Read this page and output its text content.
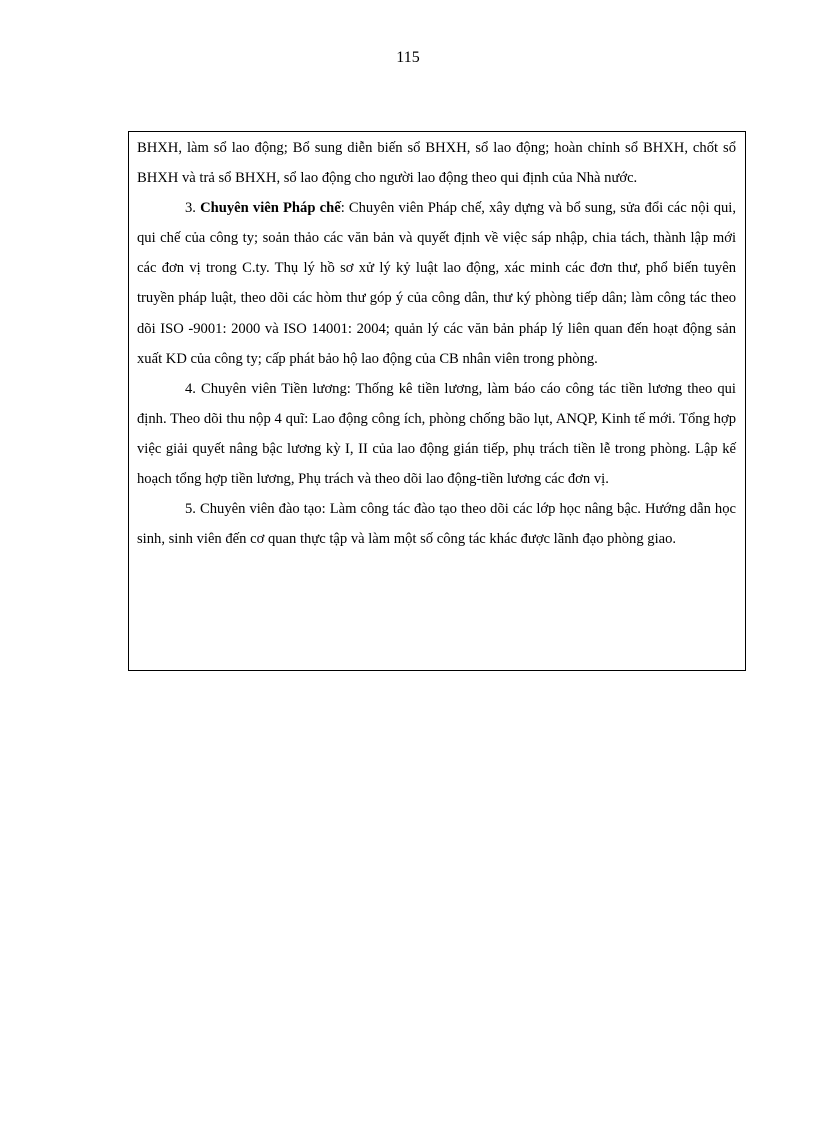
115

BHXH, làm sổ lao động; Bổ sung diễn biến sổ BHXH, sổ lao động; hoàn chỉnh sổ BHXH, chốt sổ BHXH và trả sổ BHXH, sổ lao động cho người lao động theo qui định của Nhà nước.

3. Chuyên viên Pháp chế: Chuyên viên Pháp chế, xây dựng và bổ sung, sửa đổi các nội qui, qui chế của công ty; soản thảo các văn bản và quyết định về việc sáp nhập, chia tách, thành lập mới các đơn vị trong C.ty. Thụ lý hồ sơ xử lý kỷ luật lao động, xác minh các đơn thư, phổ biến tuyên truyền pháp luật, theo dõi các hòm thư góp ý của công dân, thư ký phòng tiếp dân; làm công tác theo dõi ISO -9001: 2000 và ISO 14001: 2004; quản lý các văn bản pháp lý liên quan đến hoạt động sản xuất KD của công ty; cấp phát bảo hộ lao động của CB nhân viên trong phòng.

4. Chuyên viên Tiền lương: Thống kê tiền lương, làm báo cáo công tác tiền lương theo qui định. Theo dõi thu nộp 4 quĩ: Lao động công ích, phòng chống bão lụt, ANQP, Kinh tế mới. Tổng hợp việc giải quyết nâng bậc lương kỳ I, II của lao động gián tiếp, phụ trách tiền lễ trong phòng. Lập kế hoạch tổng hợp tiền lương, Phụ trách và theo dõi lao động-tiền lương các đơn vị.

5. Chuyên viên đào tạo: Làm công tác đào tạo theo dõi các lớp học nâng bậc. Hướng dẫn học sinh, sinh viên đến cơ quan thực tập và làm một số công tác khác được lãnh đạo phòng giao.
